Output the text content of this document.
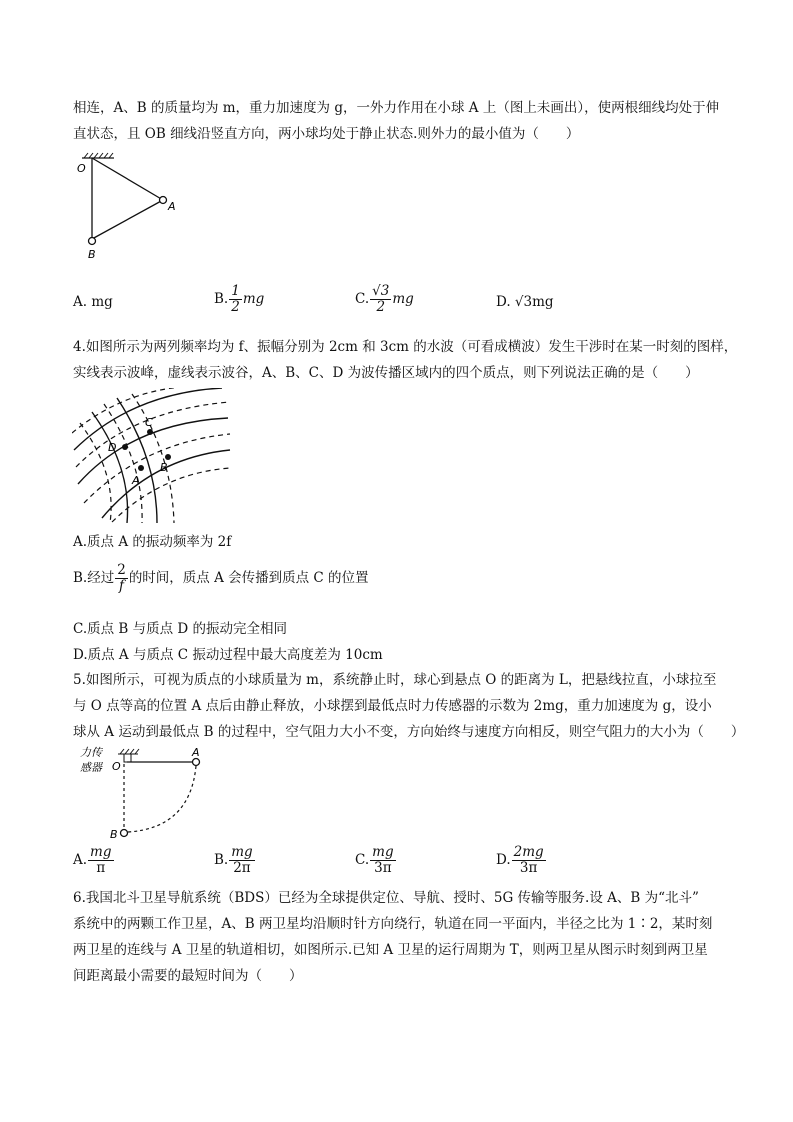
相连，A、B 的质量均为 m，重力加速度为 g，一外力作用在小球 A 上（图上未画出），使两根细线均处于伸
直状态，且 OB 细线沿竖直方向，两小球均处于静止状态.则外力的最小值为（　　）
O
A
B
A. mg	B. $\frac{1}{2}$ mg	C. $\frac{√3}{2}$ mg	D. √3mg
4.如图所示为两列频率均为 f、振幅分别为 2cm 和 3cm 的水波（可看成横波）发生干涉时在某一时刻的图样，
实线表示波峰，虚线表示波谷，A、B、C、D 为波传播区域内的四个质点，则下列说法正确的是（　　）
C
D
A
B
A.质点 A 的振动频率为 2f
B.经过 $\frac{2}{f}$ 的时间，质点 A 会传播到质点 C 的位置
C.质点 B 与质点 D 的振动完全相同
D.质点 A 与质点 C 振动过程中最大高度差为 10cm
5.如图所示，可视为质点的小球质量为 m，系统静止时，球心到悬点 O 的距离为 L，把悬线拉直，小球拉至
与 O 点等高的位置 A 点后由静止释放，小球摆到最低点时力传感器的示数为 2mg，重力加速度为 g，设小
球从 A 运动到最低点 B 的过程中，空气阻力大小不变，方向始终与速度方向相反，则空气阻力的大小为（　　）
力传
感器 O
A
B
A. $\frac{mg}{\pi}$	B. $\frac{mg}{2\pi}$	C. $\frac{mg}{3\pi}$	D. $\frac{2mg}{3\pi}$
6.我国北斗卫星导航系统（BDS）已经为全球提供定位、导航、授时、5G 传输等服务.设 A、B 为“北斗”
系统中的两颗工作卫星，A、B 两卫星均沿顺时针方向绕行，轨道在同一平面内，半径之比为 1∶2，某时刻
两卫星的连线与 A 卫星的轨道相切，如图所示.已知 A 卫星的运行周期为 T，则两卫星从图示时刻到两卫星
间距离最小需要的最短时间为（　　）
